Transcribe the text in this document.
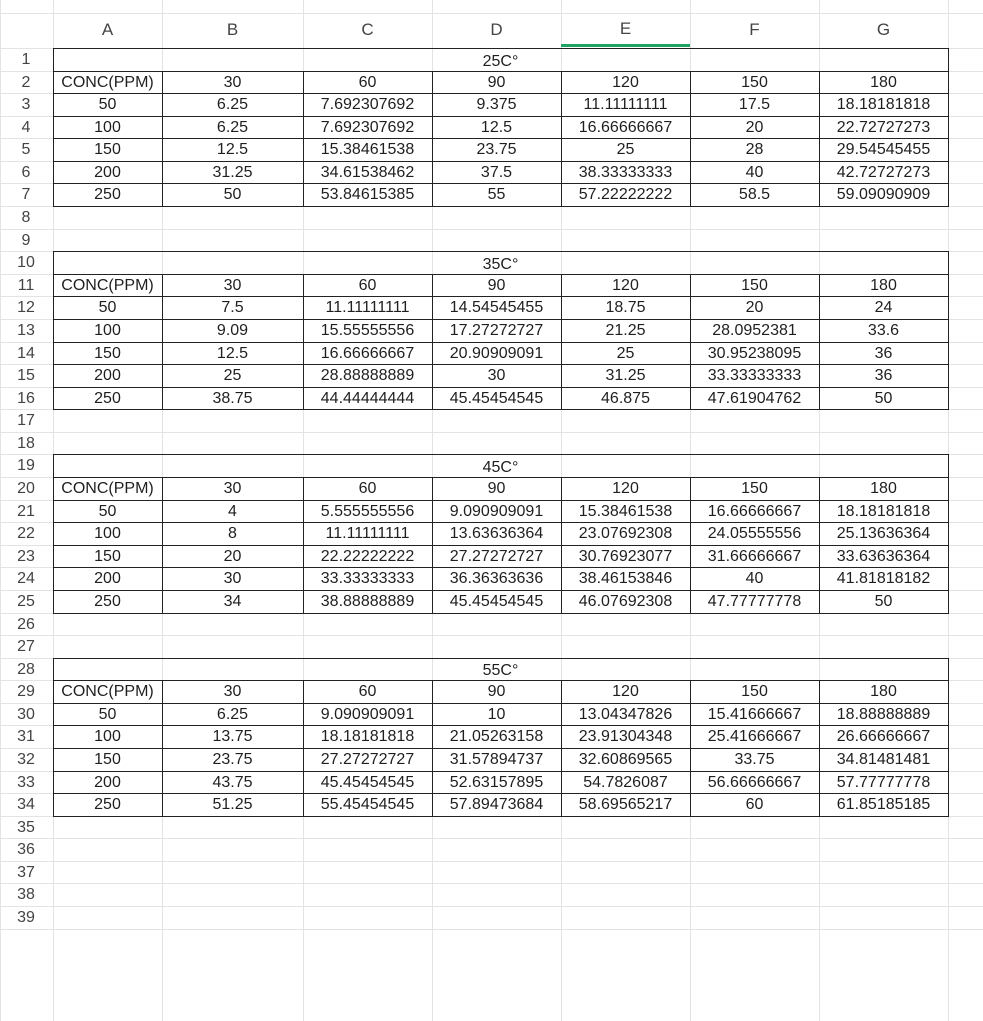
A	B	C	D	E	F	G
1
2
3
4
5
6
7
8
9
10
11
12
13
14
15
16
17
18
19
20
21
22
23
24
25
26
27
28
29
30
31
32
33
34
35
36
37
38
39
25C°
CONC(PPM)	30	60	90	120	150	180
50	6.25	7.692307692	9.375	11.11111111	17.5	18.18181818
100	6.25	7.692307692	12.5	16.66666667	20	22.72727273
150	12.5	15.38461538	23.75	25	28	29.54545455
200	31.25	34.61538462	37.5	38.33333333	40	42.72727273
250	50	53.84615385	55	57.22222222	58.5	59.09090909
35C°
CONC(PPM)	30	60	90	120	150	180
50	7.5	11.11111111	14.54545455	18.75	20	24
100	9.09	15.55555556	17.27272727	21.25	28.0952381	33.6
150	12.5	16.66666667	20.90909091	25	30.95238095	36
200	25	28.88888889	30	31.25	33.33333333	36
250	38.75	44.44444444	45.45454545	46.875	47.61904762	50
45C°
CONC(PPM)	30	60	90	120	150	180
50	4	5.555555556	9.090909091	15.38461538	16.66666667	18.18181818
100	8	11.11111111	13.63636364	23.07692308	24.05555556	25.13636364
150	20	22.22222222	27.27272727	30.76923077	31.66666667	33.63636364
200	30	33.33333333	36.36363636	38.46153846	40	41.81818182
250	34	38.88888889	45.45454545	46.07692308	47.77777778	50
55C°
CONC(PPM)	30	60	90	120	150	180
50	6.25	9.090909091	10	13.04347826	15.41666667	18.88888889
100	13.75	18.18181818	21.05263158	23.91304348	25.41666667	26.66666667
150	23.75	27.27272727	31.57894737	32.60869565	33.75	34.81481481
200	43.75	45.45454545	52.63157895	54.7826087	56.66666667	57.77777778
250	51.25	55.45454545	57.89473684	58.69565217	60	61.85185185
